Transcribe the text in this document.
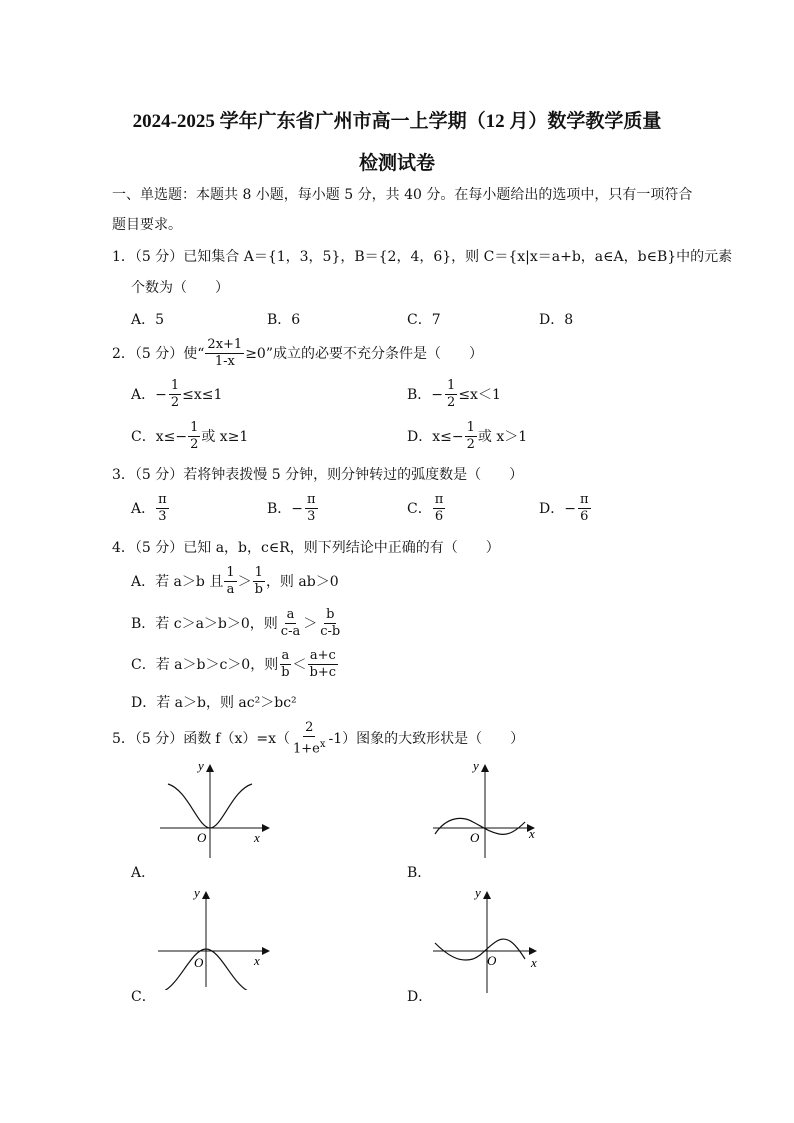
2024-2025 学年广东省广州市高一上学期（12 月）数学教学质量
检测试卷
一、单选题：本题共 8 小题，每小题 5 分，共 40 分。在每小题给出的选项中，只有一项符合
题目要求。
1．（5 分）已知集合 A＝{1，3，5}，B＝{2，4，6}，则 C＝{x|x＝a+b，a∈A，b∈B}中的元素
个数为（　　）
A．5	B．6	C．7	D．8
2．（5 分）使“ $\frac{2x+1}{1-x} \ge 0$”成立的必要不充分条件是（　　）
A． − $\frac{1}{2} \le x\le 1$	B． − $\frac{1}{2} \le x<1$
C． $x\le- \frac{1}{2}$ 或 x≥1	D． $x\le- \frac{1}{2}$ 或 x＞1
3．（5 分）若将钟表拨慢 5 分钟，则分钟转过的弧度数是（　　）
A． $\frac{\pi}{3}$	B． − $\frac{\pi}{3}$	C． $\frac{\pi}{6}$	D． − $\frac{\pi}{6}$
4．（5 分）已知 a，b，c∈R，则下列结论中正确的有（　　）
A．若 a＞b 且 $\frac{1}{a} > \frac{1}{b}$ ，则 ab＞0
B．若 c＞a＞b＞0，则 $\frac{a}{c-a} > \frac{b}{c-b}$
C．若 a＞b＞c＞0，则 $\frac{a}{b} < \frac{a+c}{b+c}$
D．若 a＞b，则 ac²＞bc²
5．（5 分）函数 $f(x)=x( \frac{2}{1+e^x} -1)$图象的大致形状是（　　）
y
x
O
A．
y
x
O
B．
y
x
O
C．
y
x
O
D．
